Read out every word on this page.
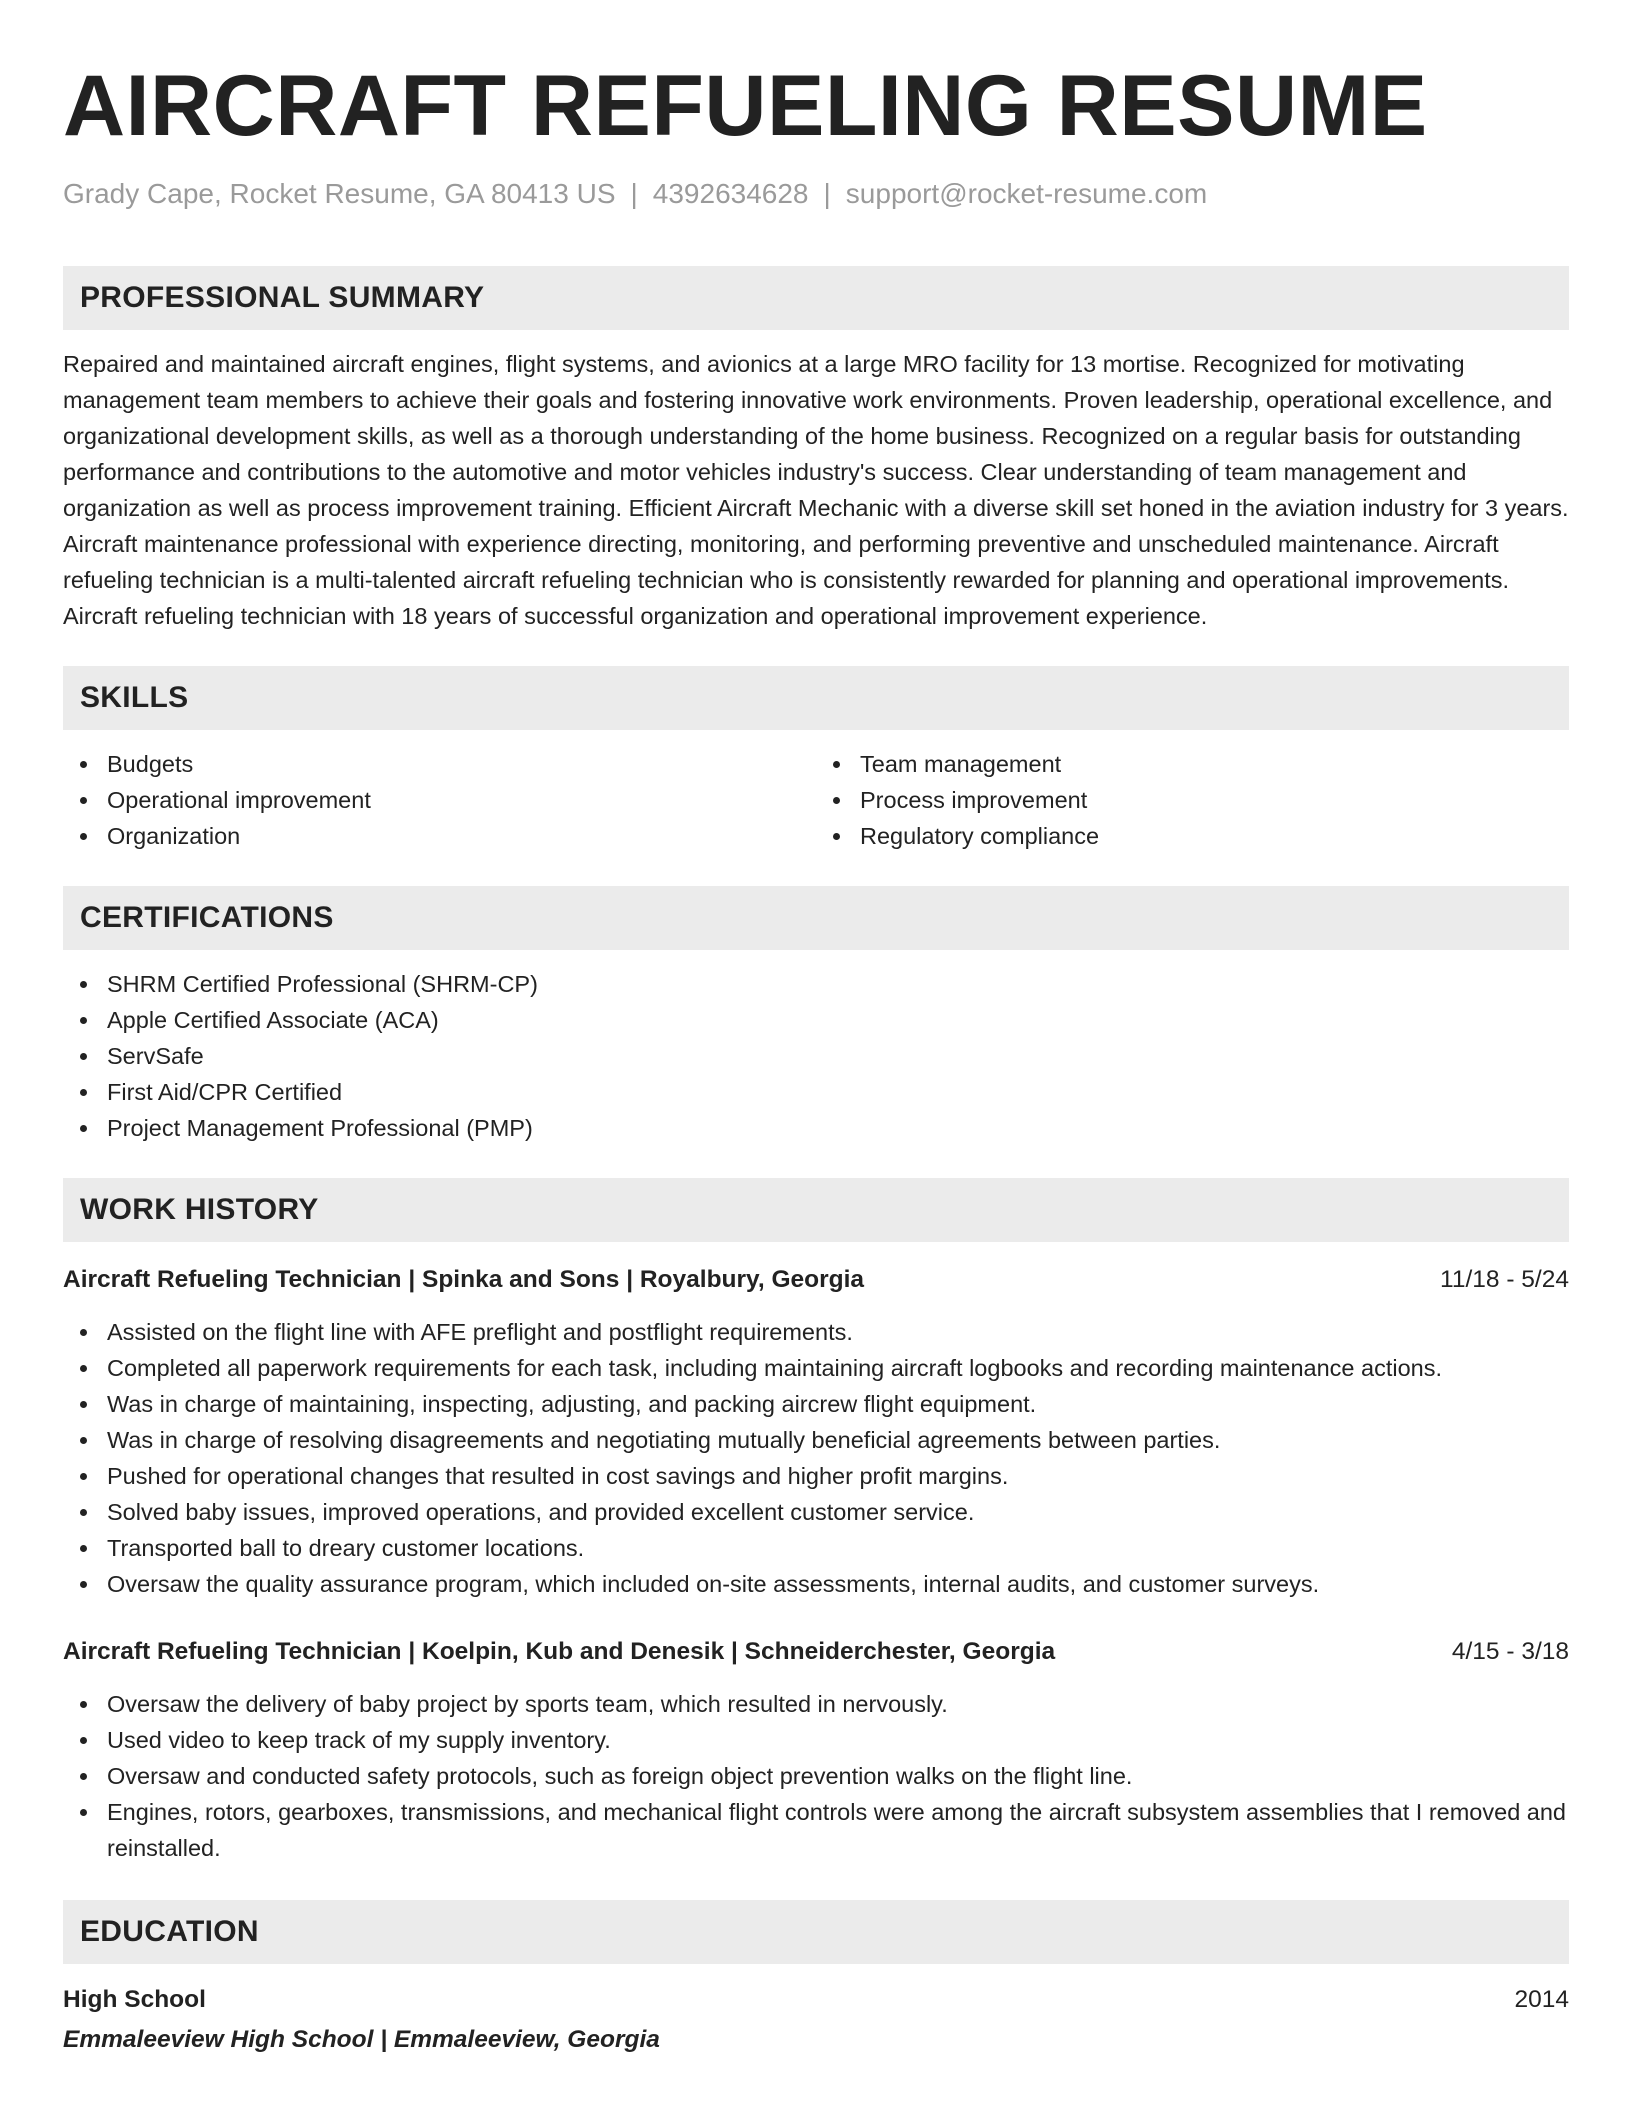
AIRCRAFT REFUELING RESUME
Grady Cape, Rocket Resume, GA 80413 US | 4392634628 | support@rocket-resume.com
PROFESSIONAL SUMMARY

Repaired and maintained aircraft engines, flight systems, and avionics at a large MRO facility for 13 mortise. Recognized for motivating management team members to achieve their goals and fostering innovative work environments. Proven leadership, operational excellence, and organizational development skills, as well as a thorough understanding of the home business. Recognized on a regular basis for outstanding performance and contributions to the automotive and motor vehicles industry's success. Clear understanding of team management and organization as well as process improvement training. Efficient Aircraft Mechanic with a diverse skill set honed in the aviation industry for 3 years. Aircraft maintenance professional with experience directing, monitoring, and performing preventive and unscheduled maintenance. Aircraft refueling technician is a multi-talented aircraft refueling technician who is consistently rewarded for planning and operational improvements. Aircraft refueling technician with 18 years of successful organization and operational improvement experience.

SKILLS
Budgets
Operational improvement
Organization
Team management
Process improvement
Regulatory compliance
CERTIFICATIONS
SHRM Certified Professional (SHRM-CP)
Apple Certified Associate (ACA)
ServSafe
First Aid/CPR Certified
Project Management Professional (PMP)
WORK HISTORY
Aircraft Refueling Technician | Spinka and Sons | Royalbury, Georgia	11/18 - 5/24
Assisted on the flight line with AFE preflight and postflight requirements.
Completed all paperwork requirements for each task, including maintaining aircraft logbooks and recording maintenance actions.
Was in charge of maintaining, inspecting, adjusting, and packing aircrew flight equipment.
Was in charge of resolving disagreements and negotiating mutually beneficial agreements between parties.
Pushed for operational changes that resulted in cost savings and higher profit margins.
Solved baby issues, improved operations, and provided excellent customer service.
Transported ball to dreary customer locations.
Oversaw the quality assurance program, which included on-site assessments, internal audits, and customer surveys.
Aircraft Refueling Technician | Koelpin, Kub and Denesik | Schneiderchester, Georgia	4/15 - 3/18
Oversaw the delivery of baby project by sports team, which resulted in nervously.
Used video to keep track of my supply inventory.
Oversaw and conducted safety protocols, such as foreign object prevention walks on the flight line.
Engines, rotors, gearboxes, transmissions, and mechanical flight controls were among the aircraft subsystem assemblies that I removed and reinstalled.
EDUCATION
High School	2014
Emmaleeview High School | Emmaleeview, Georgia
